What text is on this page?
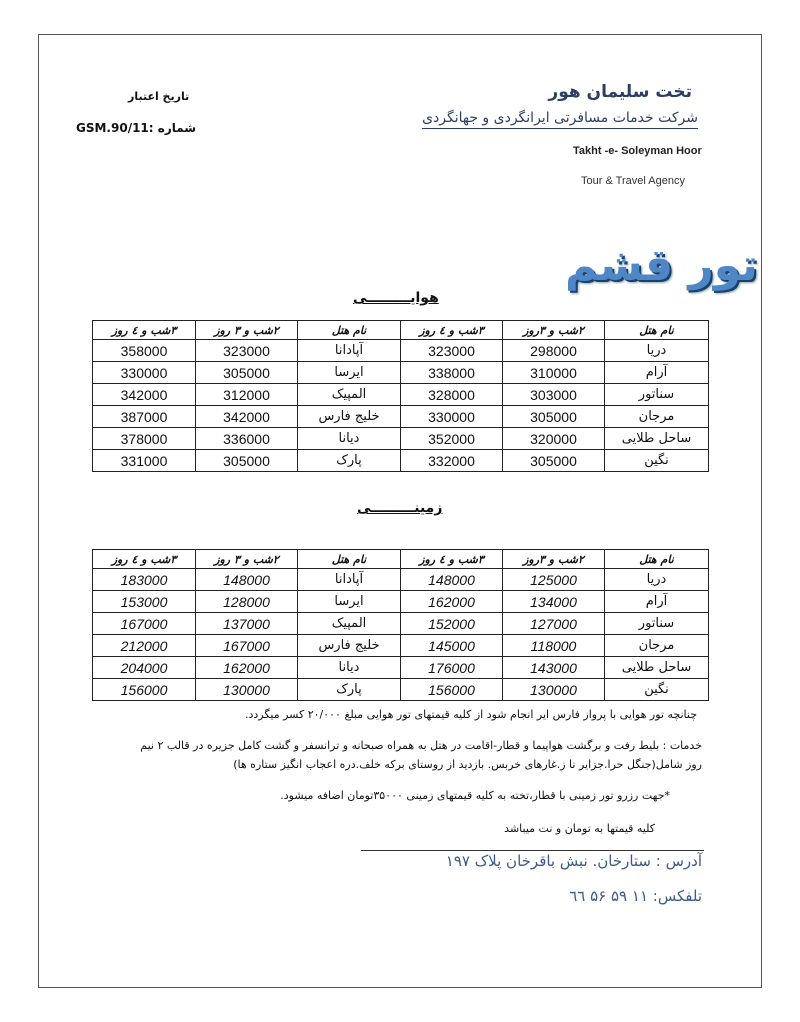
تخت سلیمان هور
شرکت خدمات مسافرتی ایرانگردی و جهانگردی
Takht -e- Soleyman Hoor
Tour & Travel Agency
تاریخ اعتبار
GSM.90/11: شماره
تور قشم
هوایـــــــــی
نام هتل	۲شب و ۳روز	۳شب و ٤ روز	نام هتل	۲شب و ۳ روز	۳شب و ٤ روز
دریا	298000	323000	آپادانا	323000	358000
آرام	310000	338000	ایرسا	305000	330000
سناتور	303000	328000	المپیک	312000	342000
مرجان	305000	330000	خلیج فارس	342000	387000
ساحل طلایی	320000	352000	دیانا	336000	378000
نگین	305000	332000	پارک	305000	331000
زمینـــــــــی
نام هتل	۲شب و ۳روز	۳شب و ٤ روز	نام هتل	۲شب و ۳ روز	۳شب و ٤ روز
دریا	125000	148000	آپادانا	148000	183000
آرام	134000	162000	ایرسا	128000	153000
سناتور	127000	152000	المپیک	137000	167000
مرجان	118000	145000	خلیج فارس	167000	212000
ساحل طلایی	143000	176000	دیانا	162000	204000
نگین	130000	156000	پارک	130000	156000
چنانچه تور هوایی با پرواز فارس ایر انجام شود از کلیه قیمتهای تور هوایی مبلغ ۲۰/۰۰۰ کسر میگردد.
خدمات : بلیط رفت و برگشت هواپیما و قطار-اقامت در هتل به همراه صبحانه و ترانسفر و گشت کامل جزیره در قالب ۲ نیم
روز شامل(جنگل حرا.جزایر نا ز.غارهای خربس. بازدید از روستای برکه خلف.دره اعجاب انگیز ستاره ها)
*جهت رزرو تور زمینی با قطار،تخته به کلیه قیمتهای زمینی ۳۵۰۰۰تومان اضافه میشود.
کلیه قیمتها به تومان و نت میباشد
آدرس : ستارخان. نبش باقرخان پلاک ۱۹۷
تلفکس: ۱۱ ۵۹ ۵۶ ٦٦
